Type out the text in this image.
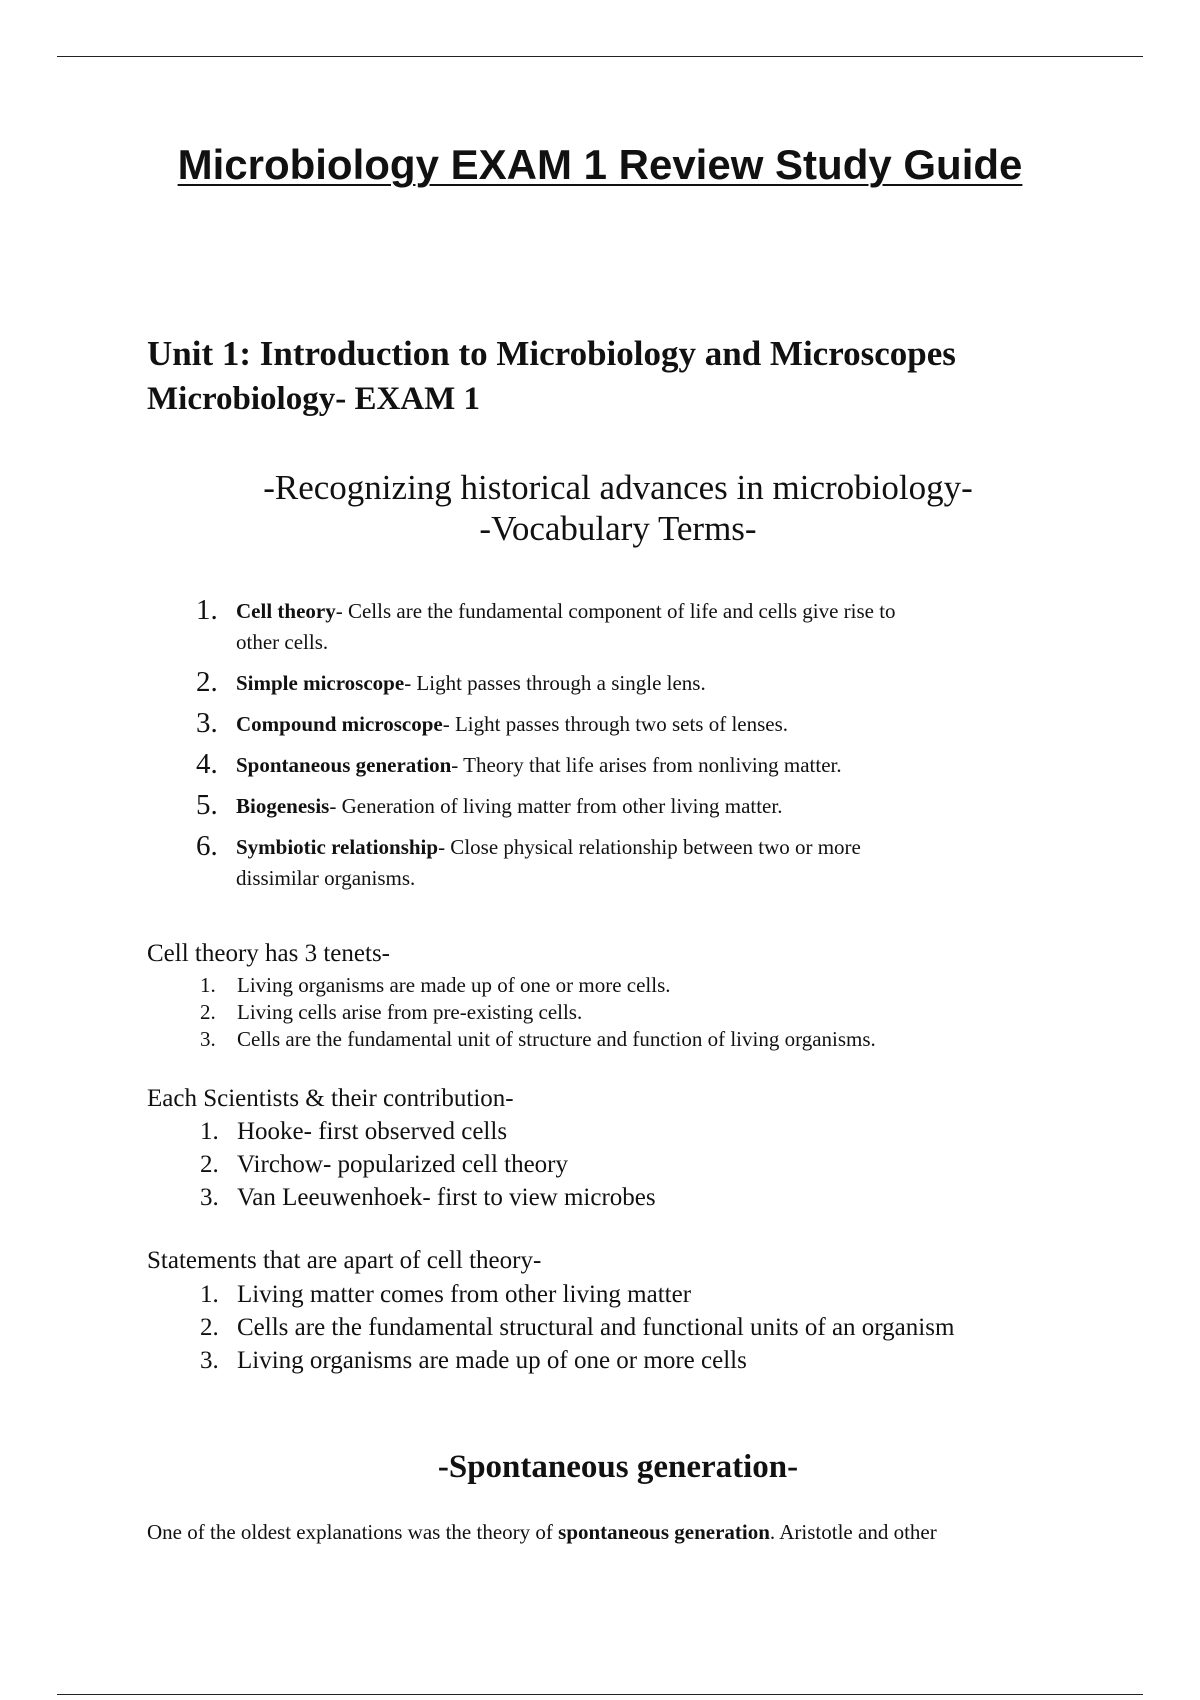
Microbiology EXAM 1 Review Study Guide
Unit 1: Introduction to Microbiology and Microscopes
Microbiology- EXAM 1

-Recognizing historical advances in microbiology-

-Vocabulary Terms-

1. Cell theory- Cells are the fundamental component of life and cells give rise to
other cells.
2. Simple microscope- Light passes through a single lens.
3. Compound microscope- Light passes through two sets of lenses.
4. Spontaneous generation- Theory that life arises from nonliving matter.
5. Biogenesis- Generation of living matter from other living matter.
6. Symbiotic relationship- Close physical relationship between two or more
dissimilar organisms.

Cell theory has 3 tenets-

1. Living organisms are made up of one or more cells.
2. Living cells arise from pre-existing cells.
3. Cells are the fundamental unit of structure and function of living organisms.

Each Scientists & their contribution-

1. Hooke- first observed cells
2. Virchow- popularized cell theory
3. Van Leeuwenhoek- first to view microbes

Statements that are apart of cell theory-

1. Living matter comes from other living matter
2. Cells are the fundamental structural and functional units of an organism
3. Living organisms are made up of one or more cells
-Spontaneous generation-

One of the oldest explanations was the theory of spontaneous generation. Aristotle and other
